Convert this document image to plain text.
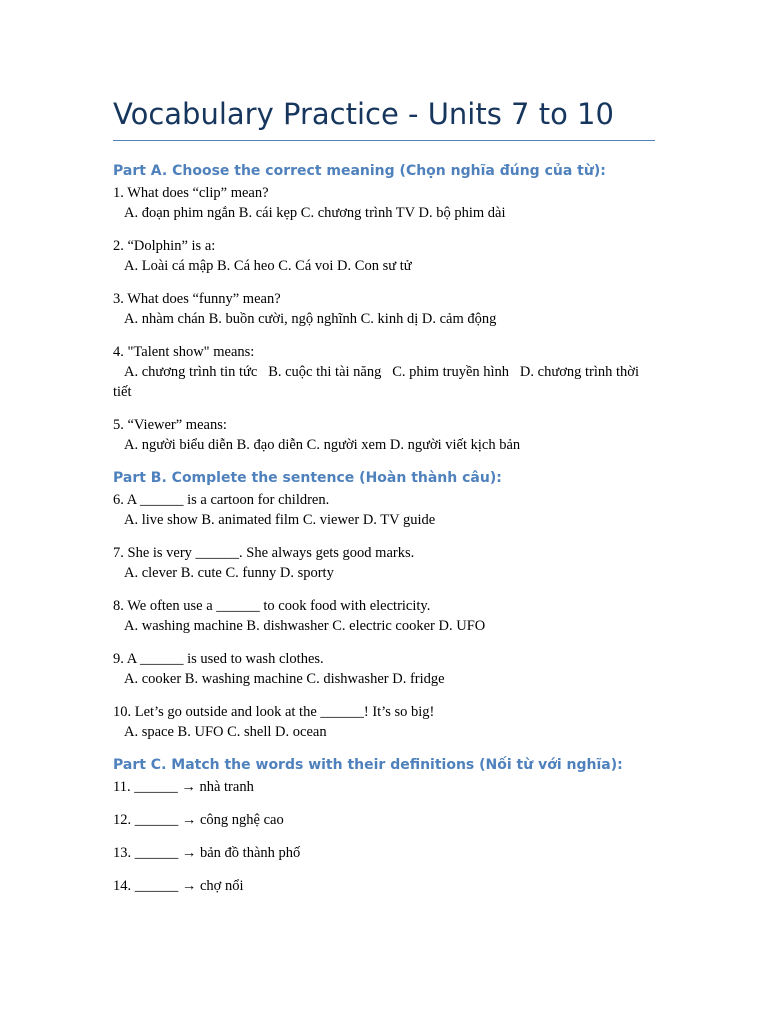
Vocabulary Practice - Units 7 to 10
Part A. Choose the correct meaning (Chọn nghĩa đúng của từ):
1. What does “clip” mean?
A. đoạn phim ngắn B. cái kẹp C. chương trình TV D. bộ phim dài
2. “Dolphin” is a:
A. Loài cá mập B. Cá heo C. Cá voi D. Con sư tử
3. What does “funny” mean?
A. nhàm chán B. buồn cười, ngộ nghĩnh C. kinh dị D. cảm động
4. "Talent show" means:
A. chương trình tin tức B. cuộc thi tài năng C. phim truyền hình D. chương trình thời tiết
5. “Viewer” means:
A. người biểu diễn B. đạo diễn C. người xem D. người viết kịch bản
Part B. Complete the sentence (Hoàn thành câu):
6. A ______ is a cartoon for children.
A. live show B. animated film C. viewer D. TV guide
7. She is very ______. She always gets good marks.
A. clever B. cute C. funny D. sporty
8. We often use a ______ to cook food with electricity.
A. washing machine B. dishwasher C. electric cooker D. UFO
9. A ______ is used to wash clothes.
A. cooker B. washing machine C. dishwasher D. fridge
10. Let’s go outside and look at the ______! It’s so big!
A. space B. UFO C. shell D. ocean
Part C. Match the words with their definitions (Nối từ với nghĩa):
11. ______ → nhà tranh
12. ______ → công nghệ cao
13. ______ → bản đồ thành phố
14. ______ → chợ nổi
